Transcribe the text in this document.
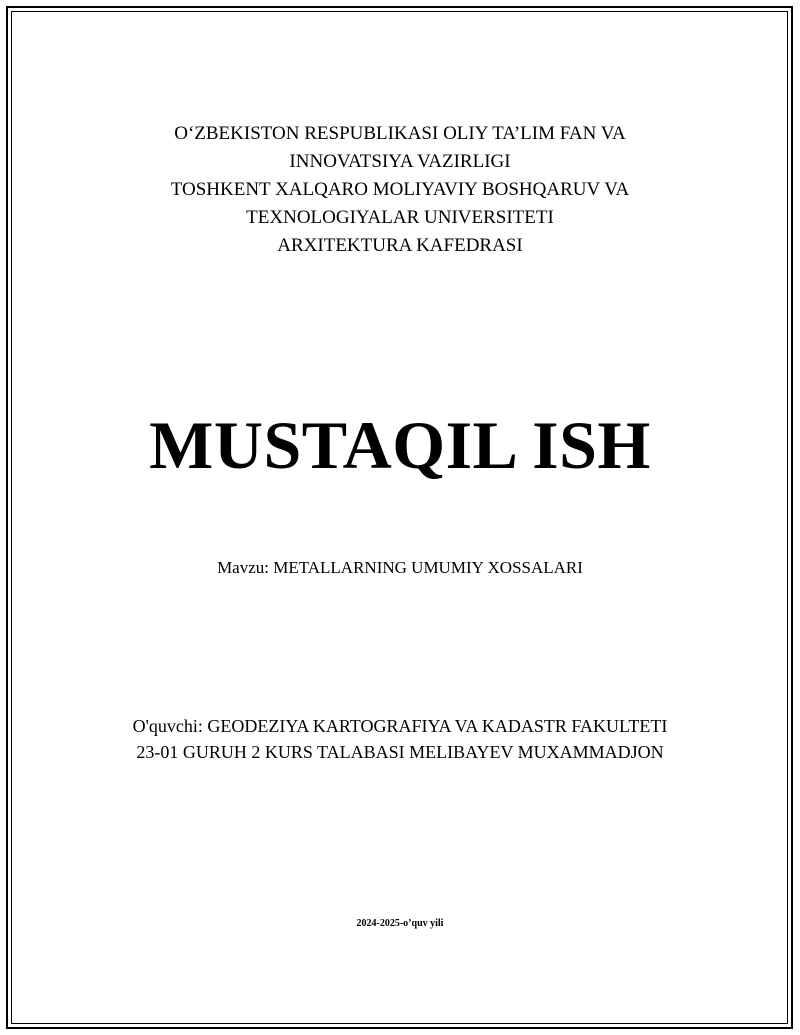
O‘ZBEKISTON RESPUBLIKASI OLIY TA’LIM FAN VA
INNOVATSIYA VAZIRLIGI
TOSHKENT XALQARO MOLIYAVIY BOSHQARUV VA
TEXNOLOGIYALAR UNIVERSITETI
ARXITEKTURA KAFEDRASI
MUSTAQIL ISH
Mavzu: METALLARNING UMUMIY XOSSALARI
O'quvchi: GEODEZIYA KARTOGRAFIYA VA KADASTR FAKULTETI
23-01 GURUH 2 KURS TALABASI MELIBAYEV MUXAMMADJON
2024-2025-o’quv yili
